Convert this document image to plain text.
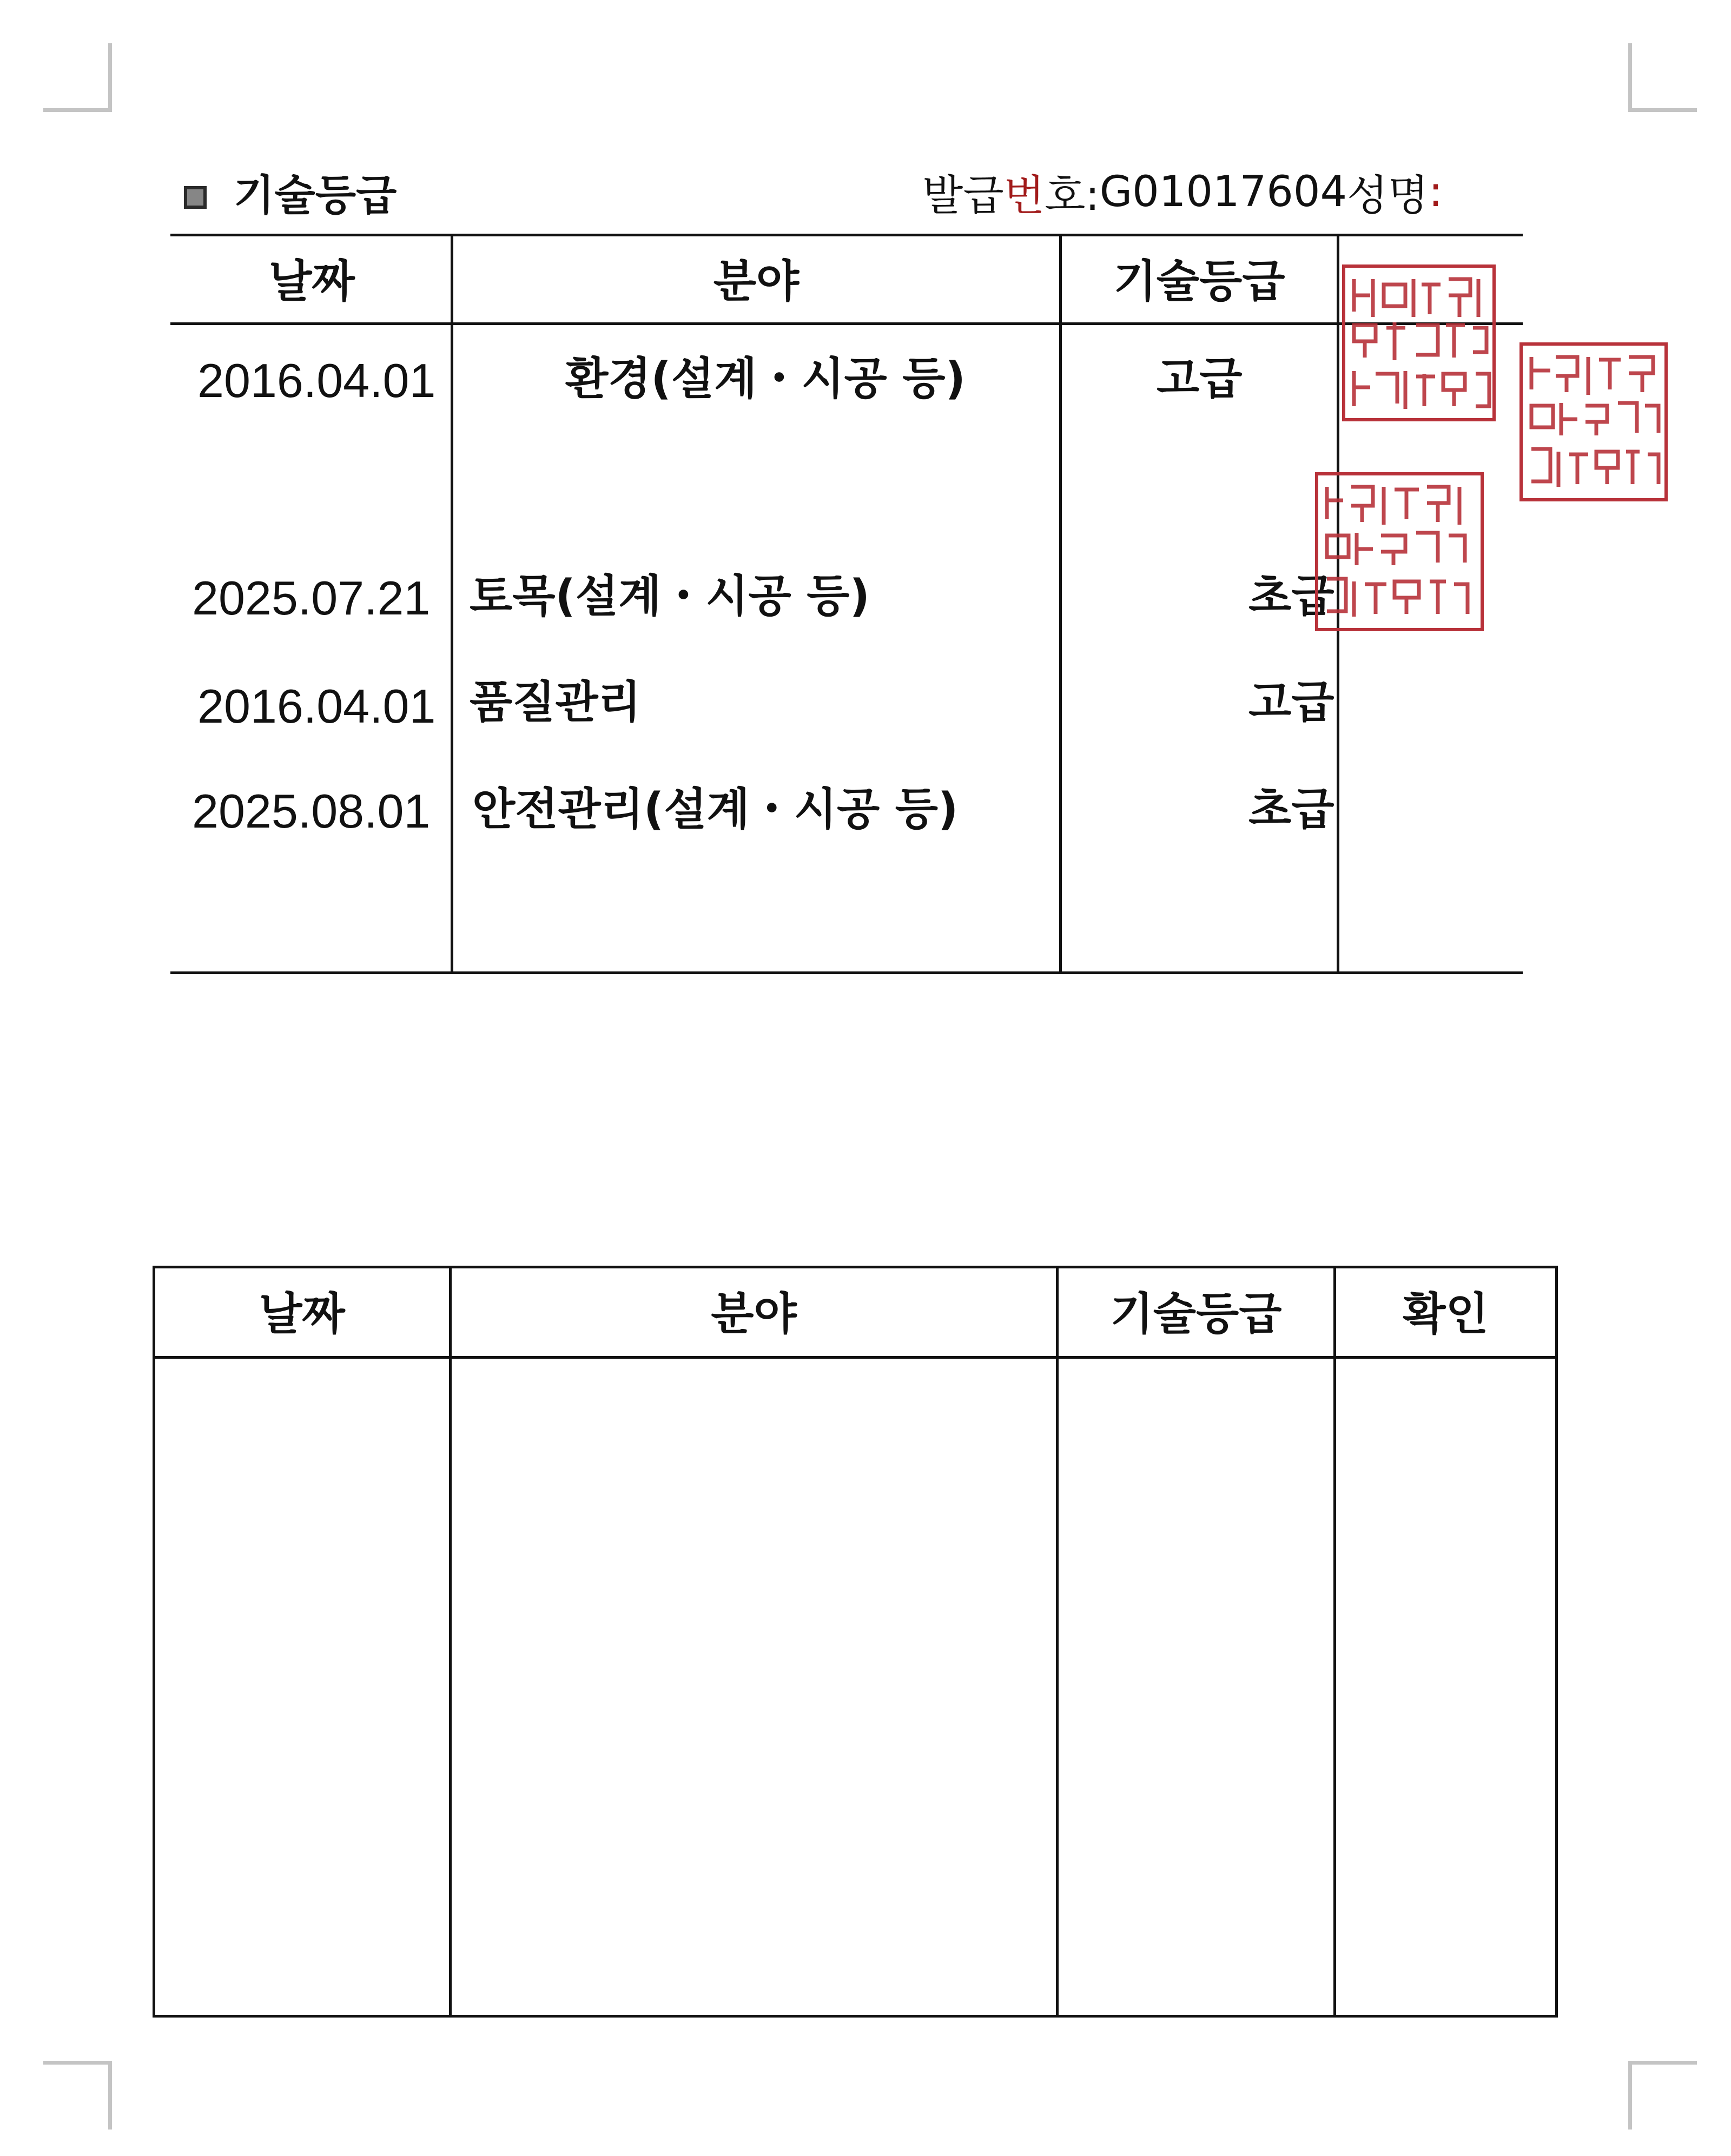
기술등급	발급 번 호: G01017604 성명 :
날짜	분야	기술등급
2016.04.01	환경(설계・시공 등)	고급
2025.07.21 토목(설계・시공 등)	초급
2016.04.01 품질관리	고급
2025.08.01 안전관리(설계・시공 등)	초급
날짜	분야	기술등급	확인
